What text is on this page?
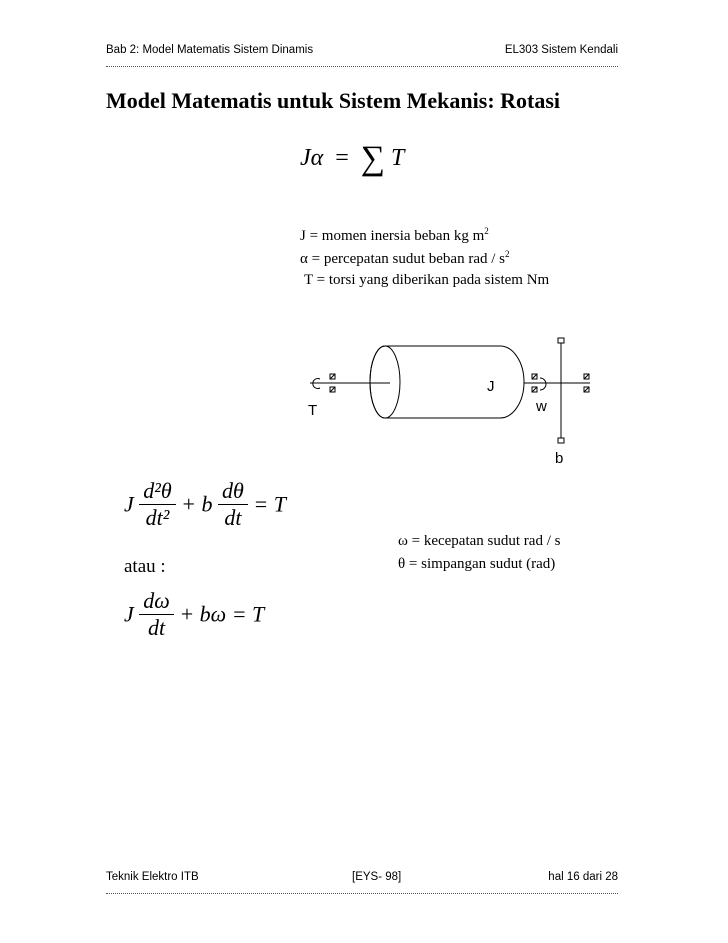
Bab 2: Model Matematis Sistem Dinamis	EL303 Sistem Kendali
Model Matematis untuk Sistem Mekanis: Rotasi
Jα = ∑ T
J = momen inersia beban kg $m^2$
α = percepatan sudut beban rad / $s^2$
T = torsi yang diberikan pada sistem Nm
J
T	w
b
J $\frac{\text{d²θ}}{\text{dt²}} + b \frac{d\theta}{dt} = T$
atau :
ω = kecepatan sudut rad / s
θ = simpangan sudut (rad)
J $\frac{d\omega}{dt} + b\omega = T$
Teknik Elektro ITB	[EYS- 98]	hal 16 dari 28
